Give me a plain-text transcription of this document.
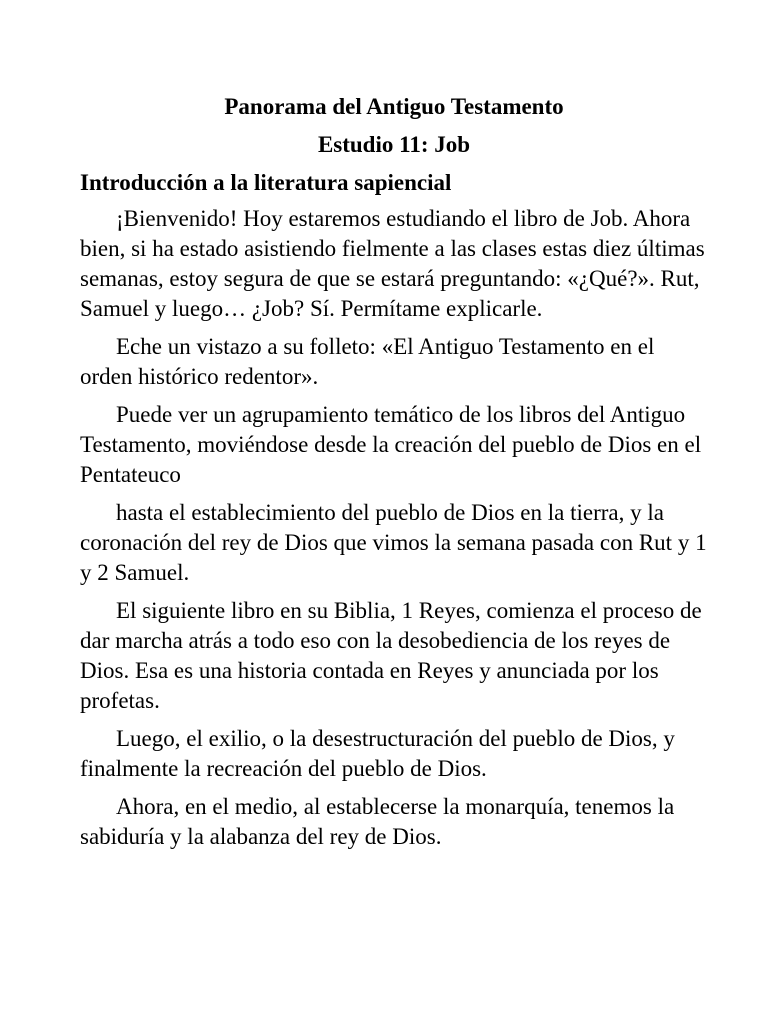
Panorama del Antiguo Testamento
Estudio 11: Job
Introducción a la literatura sapiencial

¡Bienvenido! Hoy estaremos estudiando el libro de Job. Ahora bien, si ha estado asistiendo fielmente a las clases estas diez últimas semanas, estoy segura de que se estará preguntando: «¿Qué?». Rut, Samuel y luego… ¿Job? Sí. Permítame explicarle.

Eche un vistazo a su folleto: «El Antiguo Testamento en el orden histórico redentor».

Puede ver un agrupamiento temático de los libros del Antiguo Testamento, moviéndose desde la creación del pueblo de Dios en el Pentateuco

hasta el establecimiento del pueblo de Dios en la tierra, y la coronación del rey de Dios que vimos la semana pasada con Rut y 1 y 2 Samuel.

El siguiente libro en su Biblia, 1 Reyes, comienza el proceso de dar marcha atrás a todo eso con la desobediencia de los reyes de Dios. Esa es una historia contada en Reyes y anunciada por los profetas.

Luego, el exilio, o la desestructuración del pueblo de Dios, y finalmente la recreación del pueblo de Dios.

Ahora, en el medio, al establecerse la monarquía, tenemos la sabiduría y la alabanza del rey de Dios.
